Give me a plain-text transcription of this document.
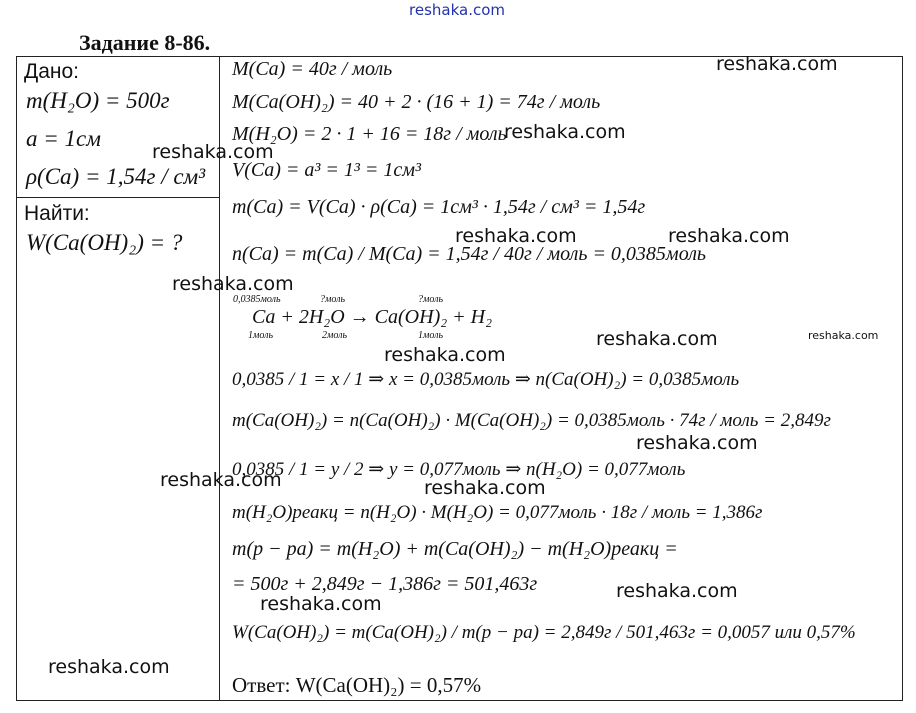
reshaka.com
Задание 8-86.
Дано:
m(H₂O) = 500г
a = 1см
ρ(Ca) = 1,54г / см³
Найти:
W(Ca(OH)₂) = ?
M(Ca) = 40г / моль
M(Ca(OH)₂) = 40 + 2 · (16 + 1) = 74г / моль
M(H₂O) = 2 · 1 + 16 = 18г / моль
V(Ca) = a³ = 1³ = 1см³
m(Ca) = V(Ca) · ρ(Ca) = 1см³ · 1,54г / см³ = 1,54г
n(Ca) = m(Ca) / M(Ca) = 1,54г / 40г / моль = 0,0385моль
0,0385моль	?моль	?моль
Ca + 2H₂O → Ca(OH)₂ + H₂
1моль	2моль	1моль
0,0385 / 1 = x / 1 ⇒ x = 0,0385моль ⇒ n(Ca(OH)₂) = 0,0385моль
m(Ca(OH)₂) = n(Ca(OH)₂) · M(Ca(OH)₂) = 0,0385моль · 74г / моль = 2,849г
0,0385 / 1 = y / 2 ⇒ y = 0,077моль ⇒ n(H₂O) = 0,077моль
m(H₂O)реакц = n(H₂O) · M(H₂O) = 0,077моль · 18г / моль = 1,386г
m(p − pa) = m(H₂O) + m(Ca(OH)₂) − m(H₂O)реакц =
= 500г + 2,849г − 1,386г = 501,463г
W(Ca(OH)₂) = m(Ca(OH)₂) / m(p − pa) = 2,849г / 501,463г = 0,0057 или 0,57%
Ответ: W(Ca(OH)₂) = 0,57%
reshaka.com
reshaka.com
reshaka.com
reshaka.com	reshaka.com
reshaka.com
reshaka.com	reshaka.com
reshaka.com
reshaka.com
reshaka.com	reshaka.com
reshaka.com
reshaka.com
reshaka.com
